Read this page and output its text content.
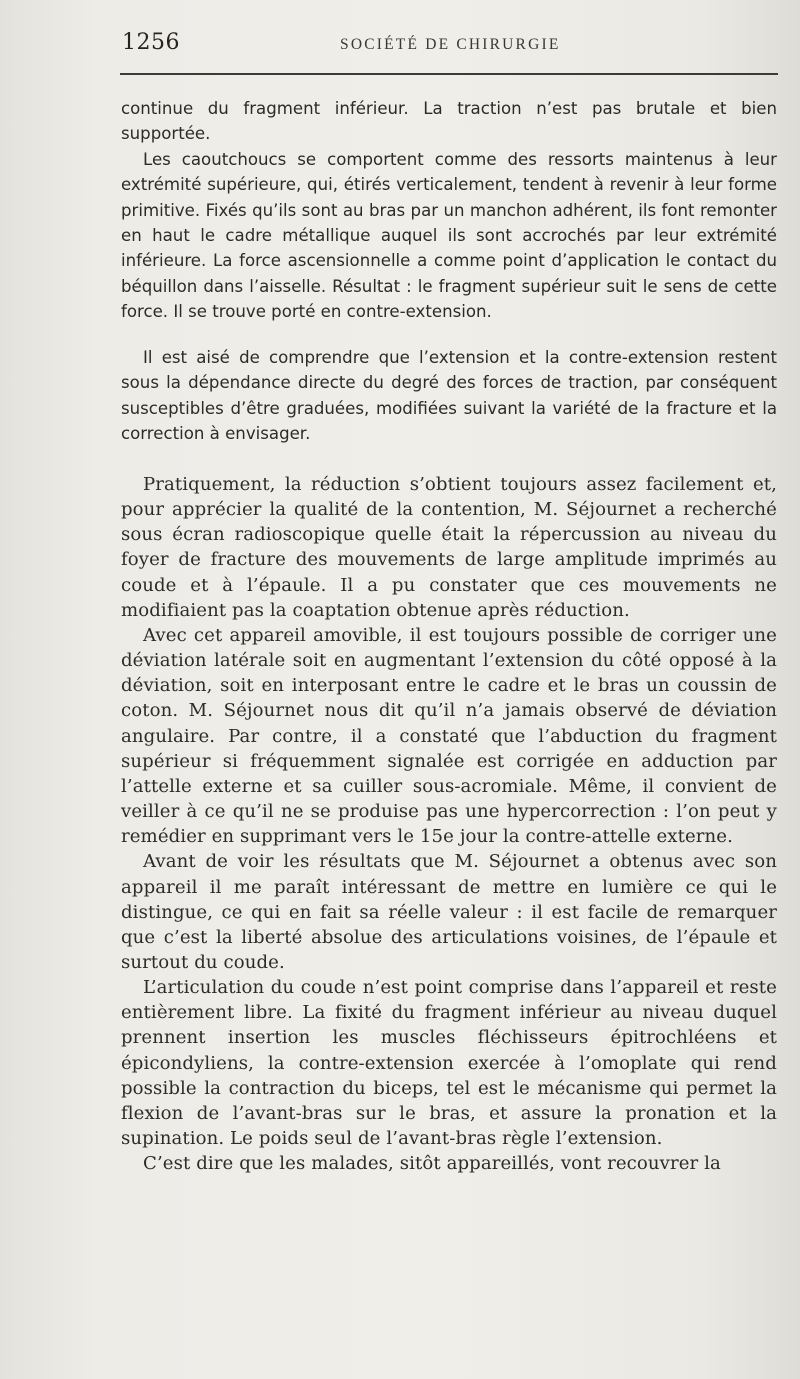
1256	SOCIÉTÉ DE CHIRURGIE

continue du fragment inférieur. La traction n’est pas brutale et bien supportée.

Les caoutchoucs se comportent comme des ressorts maintenus à leur extrémité supérieure, qui, étirés verticalement, tendent à revenir à leur forme primitive. Fixés qu’ils sont au bras par un manchon adhérent, ils font remonter en haut le cadre métallique auquel ils sont accrochés par leur extrémité inférieure. La force ascensionnelle a comme point d’application le contact du béquillon dans l’aisselle. Résultat : le fragment supérieur suit le sens de cette force. Il se trouve porté en contre-extension.

Il est aisé de comprendre que l’extension et la contre-extension restent sous la dépendance directe du degré des forces de traction, par conséquent susceptibles d’être graduées, modifiées suivant la variété de la fracture et la correction à envisager.

Pratiquement, la réduction s’obtient toujours assez facilement et, pour apprécier la qualité de la contention, M. Séjournet a recherché sous écran radioscopique quelle était la répercussion au niveau du foyer de fracture des mouvements de large amplitude imprimés au coude et à l’épaule. Il a pu constater que ces mouvements ne modifiaient pas la coaptation obtenue après réduction.

Avec cet appareil amovible, il est toujours possible de corriger une déviation latérale soit en augmentant l’extension du côté opposé à la déviation, soit en interposant entre le cadre et le bras un coussin de coton. M. Séjournet nous dit qu’il n’a jamais observé de déviation angulaire. Par contre, il a constaté que l’abduction du fragment supérieur si fréquemment signalée est corrigée en adduction par l’attelle externe et sa cuiller sous-acromiale. Même, il convient de veiller à ce qu’il ne se produise pas une hypercorrection : l’on peut y remédier en supprimant vers le 15e jour la contre-attelle externe.

Avant de voir les résultats que M. Séjournet a obtenus avec son appareil il me paraît intéressant de mettre en lumière ce qui le distingue, ce qui en fait sa réelle valeur : il est facile de remarquer que c’est la liberté absolue des articulations voisines, de l’épaule et surtout du coude.

L’articulation du coude n’est point comprise dans l’appareil et reste entièrement libre. La fixité du fragment inférieur au niveau duquel prennent insertion les muscles fléchisseurs épitrochléens et épicondyliens, la contre-extension exercée à l’omoplate qui rend possible la contraction du biceps, tel est le mécanisme qui permet la flexion de l’avant-bras sur le bras, et assure la pronation et la supination. Le poids seul de l’avant-bras règle l’extension.

C’est dire que les malades, sitôt appareillés, vont recouvrer la
